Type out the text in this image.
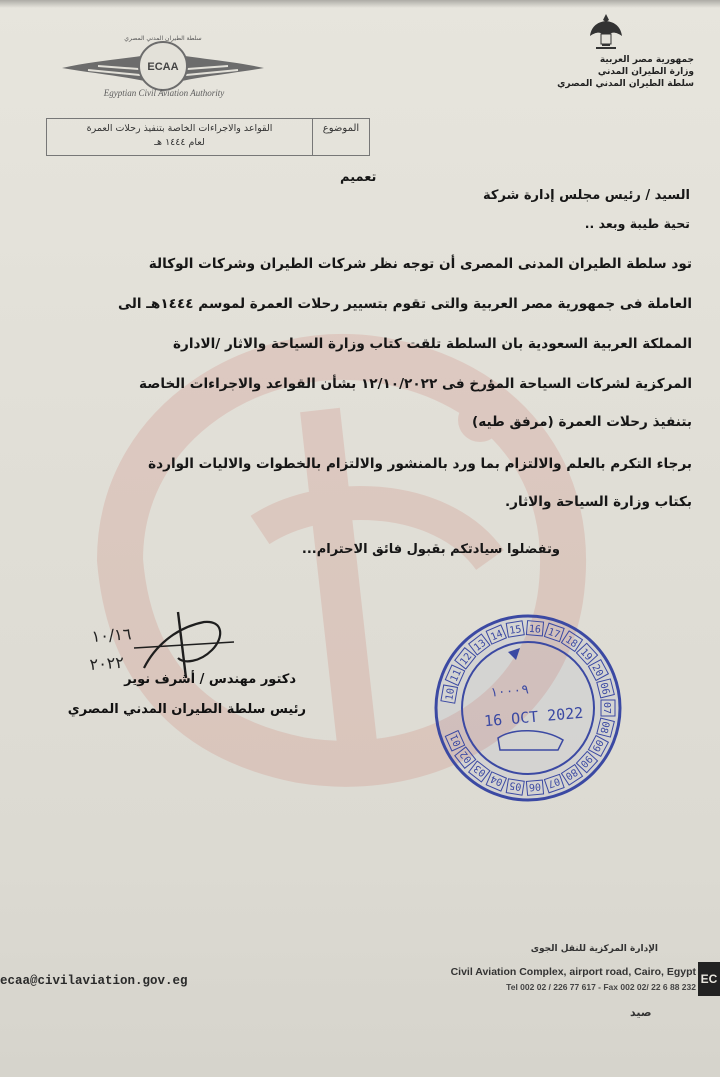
ECAA
سلطة الطيران المدني المصري
Egyptian Civil Aviation Authority
جمهورية مصر العربية
وزارة الطيران المدني
سلطة الطيران المدني المصري
الموضوع
القواعد والاجراءات الخاصة بتنفيذ رحلات العمرة
لعام ١٤٤٤ هـ
تعميم
السيد / رئيس مجلس إدارة شركة
تحية طيبة وبعد ..
تود سلطة الطيران المدنى المصرى أن توجه نظر شركات الطيران وشركات الوكالة
العاملة فى جمهورية مصر العربية والتى تقوم بتسيير رحلات العمرة لموسم ١٤٤٤هـ الى
المملكة العربية السعودية بان السلطة تلقت كتاب وزارة السياحة والاثار /الادارة
المركزية لشركات السياحة المؤرخ فى ١٢/١٠/٢٠٢٢ بشأن القواعد والاجراءات الخاصة
بتنفيذ رحلات العمرة (مرفق طيه)
برجاء التكرم بالعلم والالتزام بما ورد بالمنشور والالتزام بالخطوات والاليات الواردة
بكتاب وزارة السياحة والاثار.
وتفضلوا سيادتكم بقبول فائق الاحترام...
١٠/١٦
٢٠٢٢
دكتور مهندس / أشرف نوير
رئيس سلطة الطيران المدني المصري
10
11
12
13
14 15 16 17
18
19
20
06
07
08
09
90
80
07
06
05
04
03
02
01
١٠٠٠٩
16 OCT 2022
ecaa@civilaviation.gov.eg
الإدارة المركزية للنقل الجوى
Civil Aviation Complex, airport road, Cairo, Egypt
Tel 002 02 / 226 77 617 - Fax 002 02/ 22 6 88 232
EC
صيد
